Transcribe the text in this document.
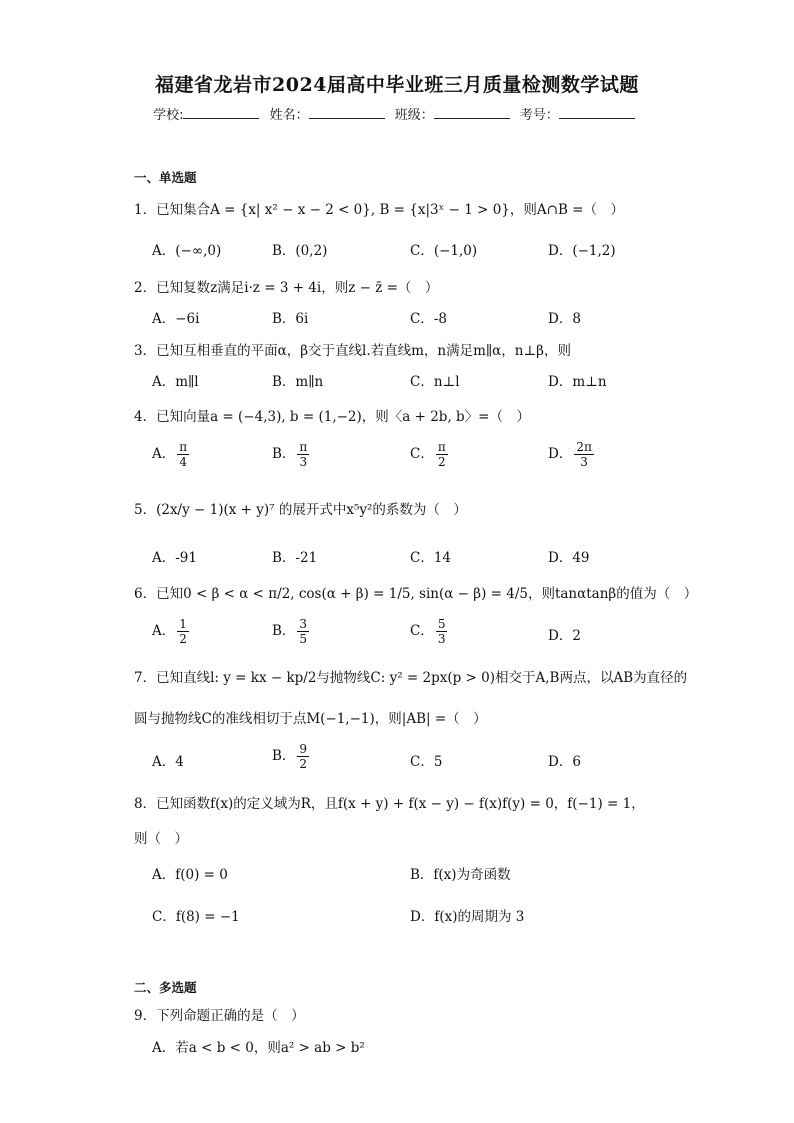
福建省龙岩市2024届高中毕业班三月质量检测数学试题
学校:	姓名：	班级：	考号：
一、单选题
1．已知集合A = {x| x² − x − 2 < 0}, B = {x|3ˣ − 1 > 0}，则A∩B =（　）
A．(−∞,0)	B．(0,2)	C．(−1,0)	D．(−1,2)
2．已知复数z满足i·z = 3 + 4i，则z − z̄ =（　）
A．−6i	B．6i	C．-8	D．8
3．已知互相垂直的平面α，β交于直线l.若直线m，n满足m∥α，n⊥β，则
A．m∥l	B．m∥n	C．n⊥l	D．m⊥n
4．已知向量a = (−4,3), b = (1,−2)，则〈a + 2b, b〉=（　）
A． $\frac{\pi}{4}$	B． $\frac{\pi}{3}$	C． $\frac{\pi}{2}$	D． $\frac{2\pi}{3}$
5．(2x/y − 1)(x + y)⁷ 的展开式中x⁵y²的系数为（　）
A．-91	B．-21	C．14	D．49
6．已知0 < β < α < π/2, cos(α + β) = 1/5, sin(α − β) = 4/5，则tanαtanβ的值为（　）
A． $\frac{1}{2}$	B． $\frac{3}{5}$	C． $\frac{5}{3}$	D．2
7．已知直线l: y = kx − kp/2与抛物线C: y² = 2px(p > 0)相交于A,B两点，以AB为直径的
圆与抛物线C的准线相切于点M(−1,−1)，则|AB| =（　）
A．4	B． $\frac{9}{2}$	C．5	D．6
8．已知函数f(x)的定义域为R，且f(x + y) + f(x − y) − f(x)f(y) = 0，f(−1) = 1，
则（　）
A．f(0) = 0	B．f(x)为奇函数
C．f(8) = −1	D．f(x)的周期为 3
二、多选题
9．下列命题正确的是（　）
A．若a < b < 0，则a² > ab > b²
